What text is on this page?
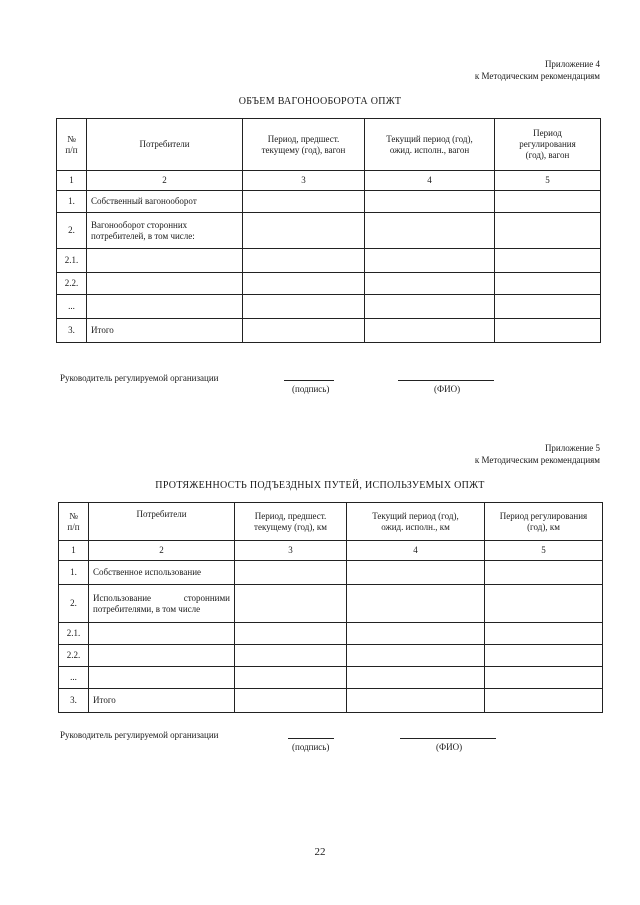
Приложение 4
к Методическим рекомендациям
ОБЪЕМ ВАГОНООБОРОТА ОПЖТ
№
п/п	Потребители	Период, предшест.
текущему (год), вагон	Текущий период (год),
ожид. исполн., вагон	Период
регулирования
(год), вагон
1	2	3	4	5
1.	Собственный вагонооборот			
2.	Вагонооборот сторонних потребителей, в том числе:			
2.1.				
2.2.				
...				
3.	Итого			
Руководитель регулируемой организации
(подпись)	(ФИО)
Приложение 5
к Методическим рекомендациям
ПРОТЯЖЕННОСТЬ ПОДЪЕЗДНЫХ ПУТЕЙ, ИСПОЛЬЗУЕМЫХ ОПЖТ
№
п/п	Потребители	Период, предшест.
текущему (год), км	Текущий период (год),
ожид. исполн., км	Период регулирования
(год), км
1	2	3	4	5
1.	Собственное использование			
2.	Использование сторонними потребителями, в том числе			
2.1.				
2.2.				
...				
3.	Итого			
Руководитель регулируемой организации
(подпись)	(ФИО)
22
